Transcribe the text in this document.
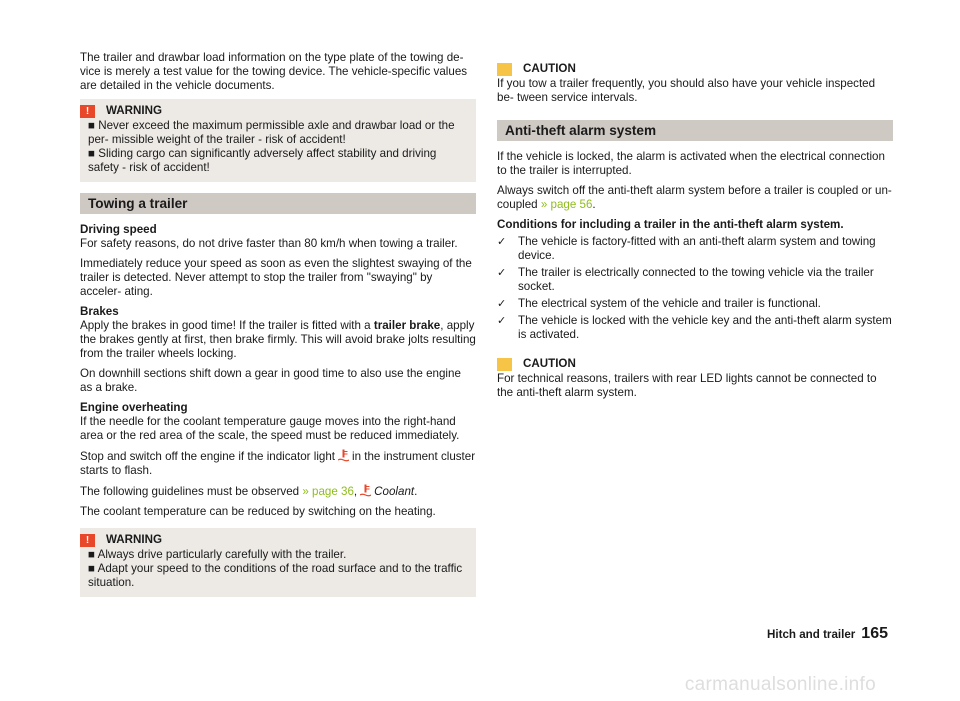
The trailer and drawbar load information on the type plate of the towing de- vice is merely a test value for the towing device. The vehicle-specific values are detailed in the vehicle documents.

!	WARNING
■ Never exceed the maximum permissible axle and drawbar load or the per- missible weight of the trailer - risk of accident!
■ Sliding cargo can significantly adversely affect stability and driving safety - risk of accident!
Towing a trailer
Driving speed

For safety reasons, do not drive faster than 80 km/h when towing a trailer.

Immediately reduce your speed as soon as even the slightest swaying of the trailer is detected. Never attempt to stop the trailer from "swaying" by acceler- ating.

Brakes

Apply the brakes in good time! If the trailer is fitted with a trailer brake, apply the brakes gently at first, then brake firmly. This will avoid brake jolts resulting from the trailer wheels locking.

On downhill sections shift down a gear in good time to also use the engine as a brake.

Engine overheating

If the needle for the coolant temperature gauge moves into the right-hand area or the red area of the scale, the speed must be reduced immediately.

Stop and switch off the engine if the indicator light in the instrument cluster starts to flash.

The following guidelines must be observed » page 36, Coolant.

The coolant temperature can be reduced by switching on the heating.

!	WARNING
■ Always drive particularly carefully with the trailer.
■ Adapt your speed to the conditions of the road surface and to the traffic situation.
CAUTION

If you tow a trailer frequently, you should also have your vehicle inspected be- tween service intervals.

Anti-theft alarm system

If the vehicle is locked, the alarm is activated when the electrical connection to the trailer is interrupted.

Always switch off the anti-theft alarm system before a trailer is coupled or un- coupled » page 56.

Conditions for including a trailer in the anti-theft alarm system.
✓ The vehicle is factory-fitted with an anti-theft alarm system and towing device.
✓ The trailer is electrically connected to the towing vehicle via the trailer socket.
✓ The electrical system of the vehicle and trailer is functional.
✓ The vehicle is locked with the vehicle key and the anti-theft alarm system is activated.
CAUTION

For technical reasons, trailers with rear LED lights cannot be connected to the anti-theft alarm system.

Hitch and trailer 165
carmanualsonline.info
